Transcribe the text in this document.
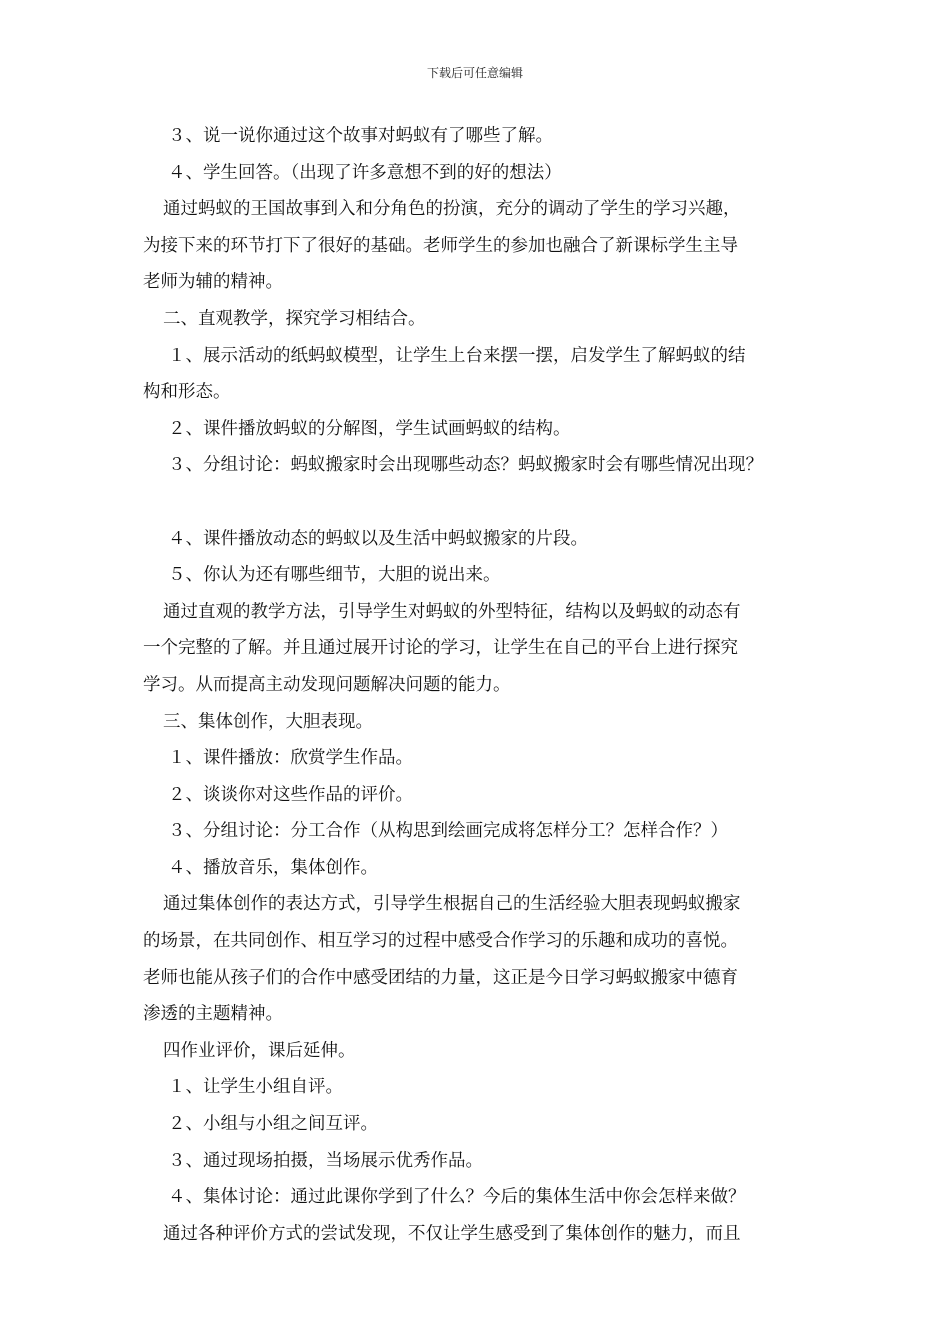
下载后可任意编辑
３、说一说你通过这个故事对蚂蚁有了哪些了解。
４、学生回答。（出现了许多意想不到的好的想法）
通过蚂蚁的王国故事到入和分角色的扮演，充分的调动了学生的学习兴趣，
为接下来的环节打下了很好的基础。老师学生的参加也融合了新课标学生主导
老师为辅的精神。
二、直观教学，探究学习相结合。
１、展示活动的纸蚂蚁模型，让学生上台来摆一摆，启发学生了解蚂蚁的结
构和形态。
２、课件播放蚂蚁的分解图，学生试画蚂蚁的结构。
３、分组讨论：蚂蚁搬家时会出现哪些动态？蚂蚁搬家时会有哪些情况出现？
４、课件播放动态的蚂蚁以及生活中蚂蚁搬家的片段。
５、你认为还有哪些细节，大胆的说出来。
通过直观的教学方法，引导学生对蚂蚁的外型特征，结构以及蚂蚁的动态有
一个完整的了解。并且通过展开讨论的学习，让学生在自己的平台上进行探究
学习。从而提高主动发现问题解决问题的能力。
三、集体创作，大胆表现。
１、课件播放：欣赏学生作品。
２、谈谈你对这些作品的评价。
３、分组讨论：分工合作（从构思到绘画完成将怎样分工？怎样合作？）
４、播放音乐，集体创作。
通过集体创作的表达方式，引导学生根据自己的生活经验大胆表现蚂蚁搬家
的场景，在共同创作、相互学习的过程中感受合作学习的乐趣和成功的喜悦。
老师也能从孩子们的合作中感受团结的力量，这正是今日学习蚂蚁搬家中德育
渗透的主题精神。
四作业评价，课后延伸。
１、让学生小组自评。
２、小组与小组之间互评。
３、通过现场拍摄，当场展示优秀作品。
４、集体讨论：通过此课你学到了什么？今后的集体生活中你会怎样来做？
通过各种评价方式的尝试发现，不仅让学生感受到了集体创作的魅力，而且
